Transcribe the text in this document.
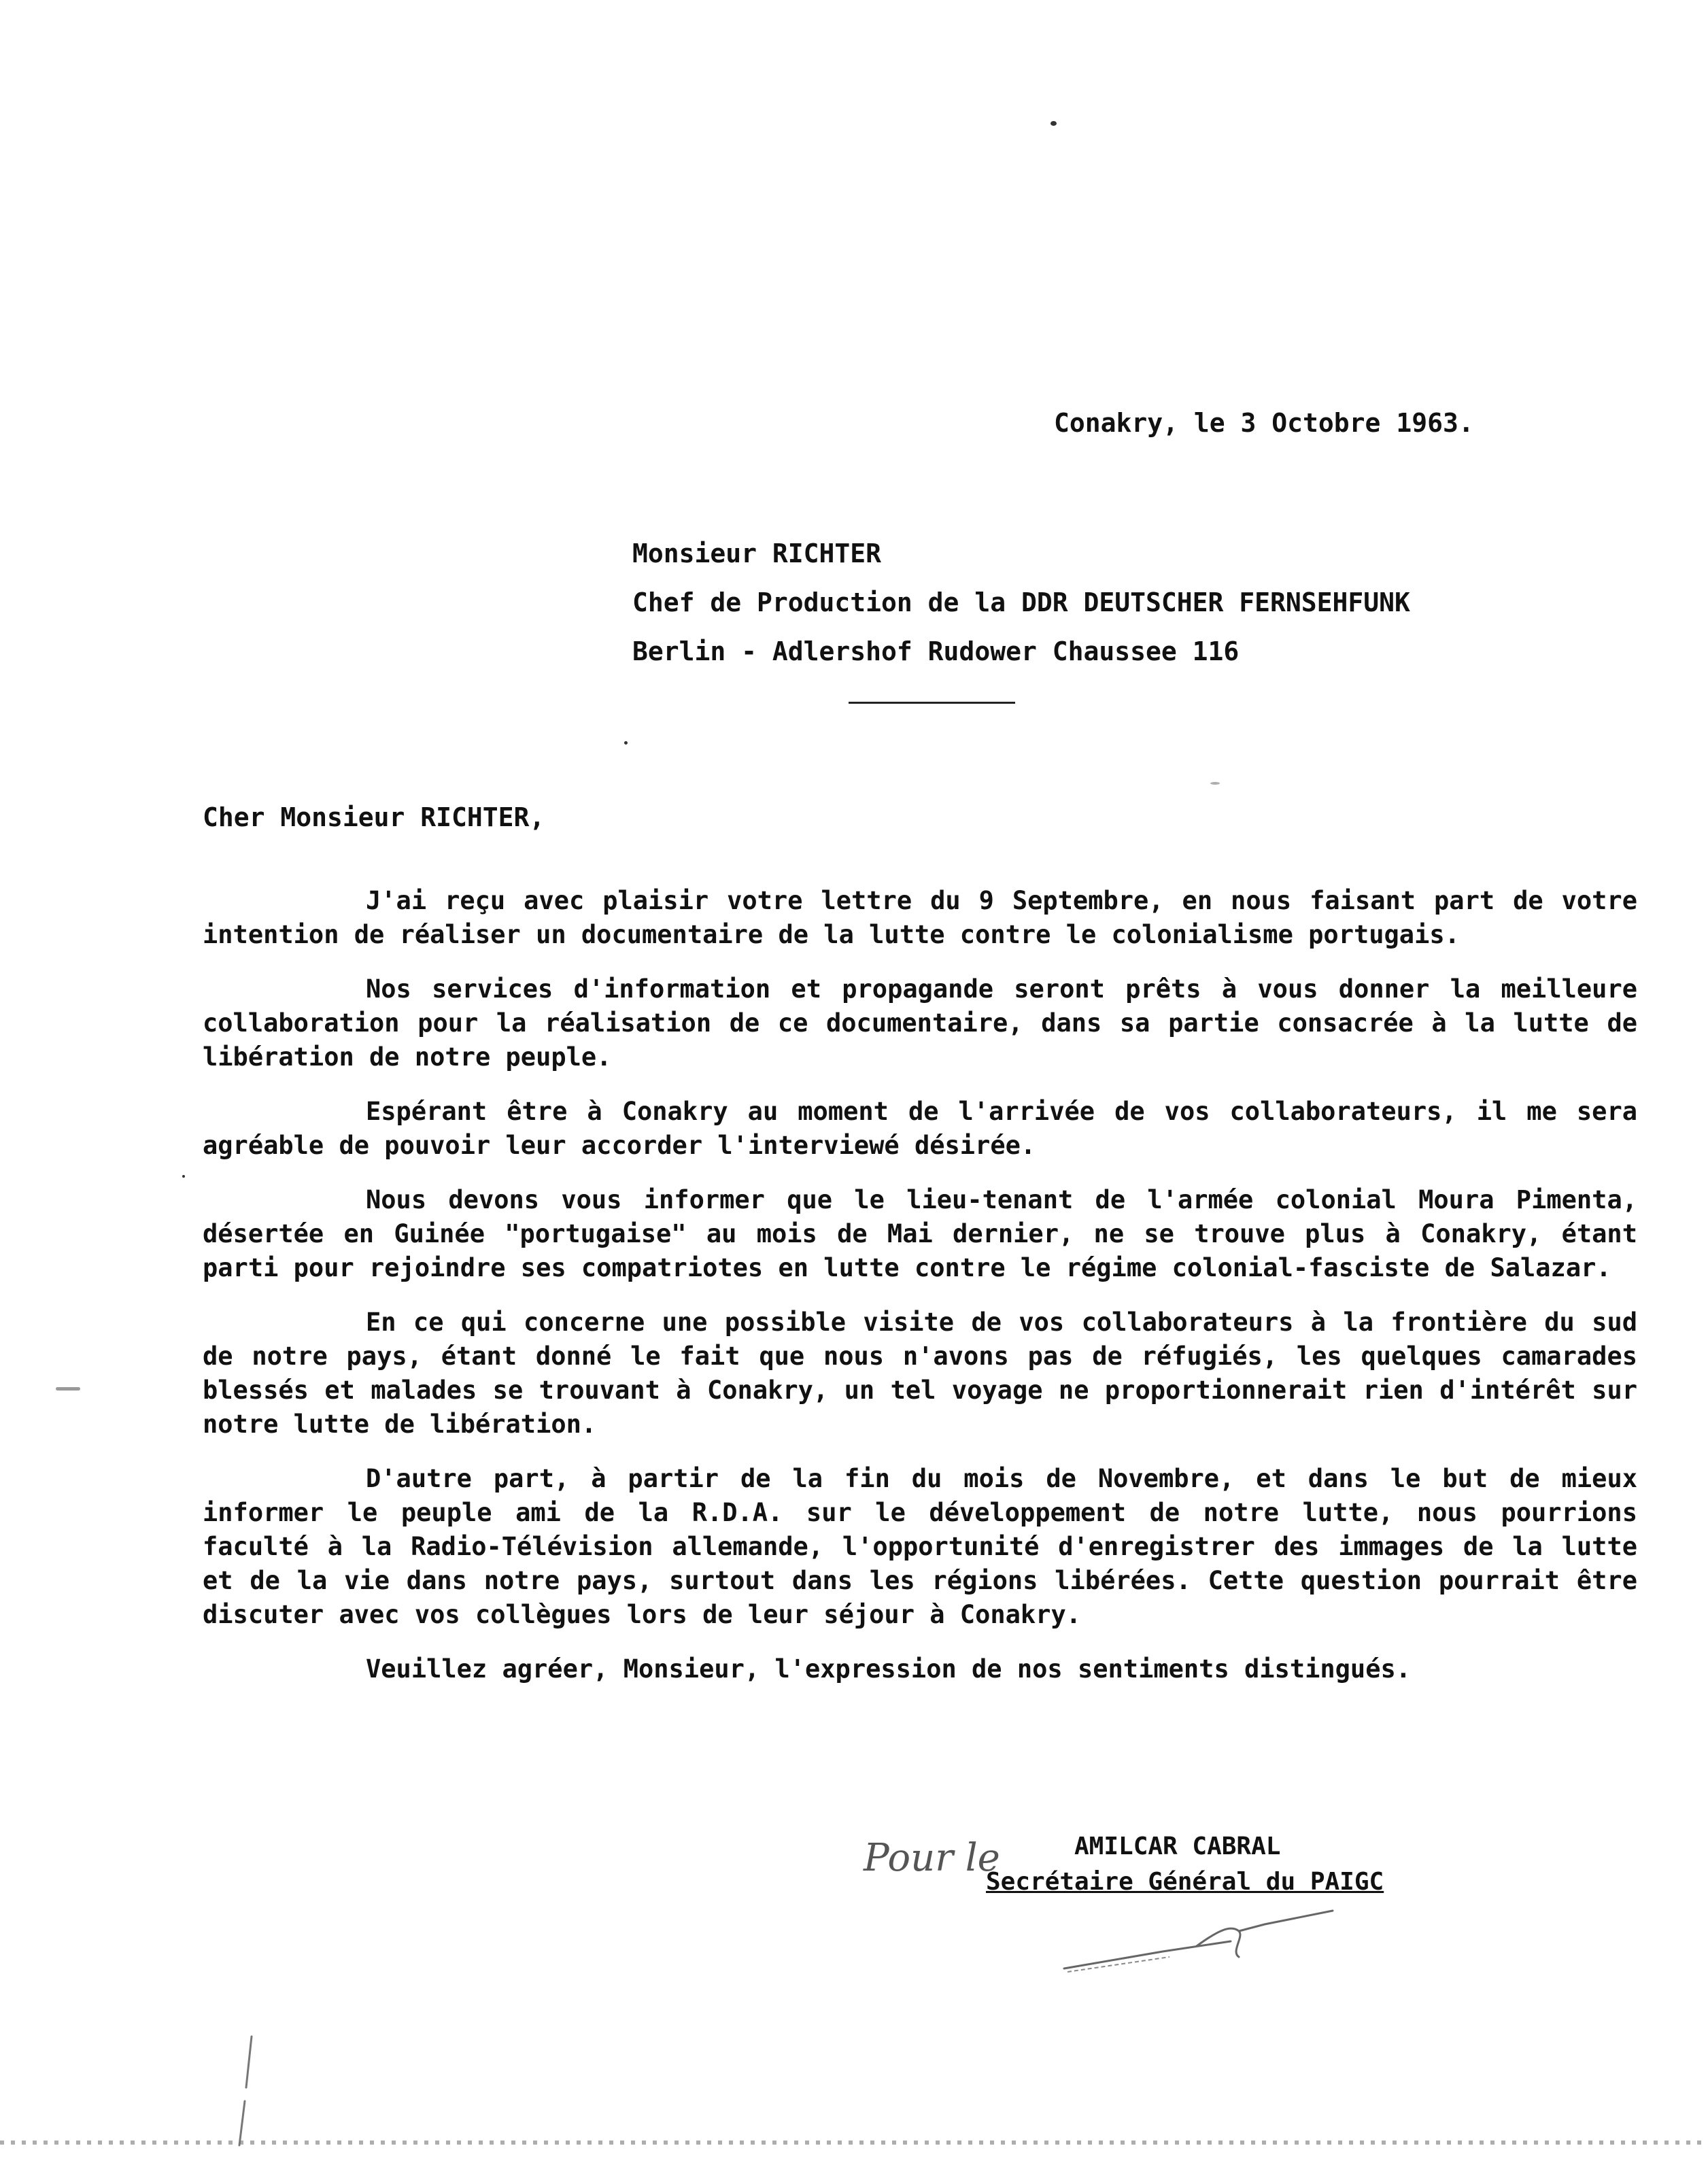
Conakry, le 3 Octobre 1963.
Monsieur RICHTER
Chef de Production de la DDR DEUTSCHER FERNSEHFUNK
Berlin - Adlershof Rudower Chaussee 116
Cher Monsieur RICHTER,

J'ai reçu avec plaisir votre lettre du 9 Septembre, en nous faisant part de votre intention de réaliser un documentaire de la lutte contre le colonialisme portugais.

Nos services d'information et propagande seront prêts à vous donner la meilleure collaboration pour la réalisation de ce documentaire, dans sa partie consacrée à la lutte de libération de notre peuple.

Espérant être à Conakry au moment de l'arrivée de vos collaborateurs, il me sera agréable de pouvoir leur accorder l'interviewé désirée.

Nous devons vous informer que le lieu-tenant de l'armée colonial Moura Pimenta, désertée en Guinée "portugaise" au mois de Mai dernier, ne se trouve plus à Conakry, étant parti pour rejoindre ses compatriotes en lutte contre le régime colonial-fasciste de Salazar.

En ce qui concerne une possible visite de vos collaborateurs à la frontière du sud de notre pays, étant donné le fait que nous n'avons pas de réfugiés, les quelques camarades blessés et malades se trouvant à Conakry, un tel voyage ne proportionnerait rien d'intérêt sur notre lutte de libération.

D'autre part, à partir de la fin du mois de Novembre, et dans le but de mieux informer le peuple ami de la R.D.A. sur le développement de notre lutte, nous pourrions faculté à la Radio-Télévision allemande, l'opportunité d'enregistrer des immages de la lutte et de la vie dans notre pays, surtout dans les régions libérées. Cette question pourrait être discuter avec vos collègues lors de leur séjour à Conakry.

Veuillez agréer, Monsieur, l'expression de nos sentiments distingués.

Pour le	AMILCAR CABRAL
Secrétaire Général du PAIGC
